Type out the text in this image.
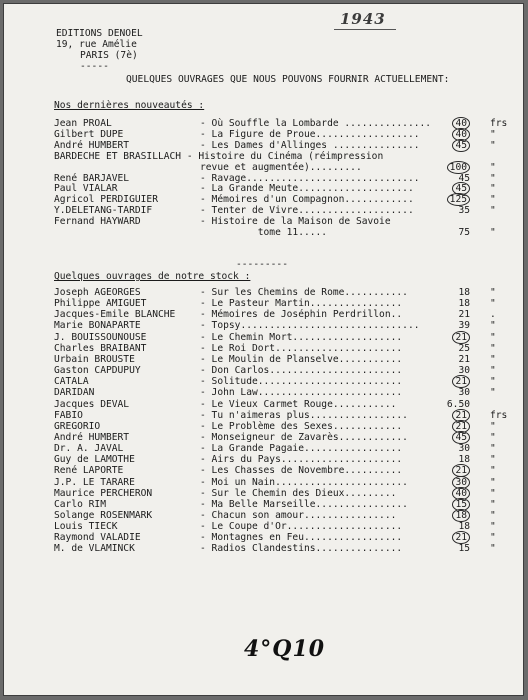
1943
EDITIONS DENOEL
19, rue Amélie
PARIS (7è)
-----
QUELQUES OUVRAGES QUE NOUS POUVONS FOURNIR ACTUELLEMENT:
Nos dernières nouveautés :
Jean PROAL	- Où Souffle la Lombarde ...............	40	frs
Gilbert DUPE	- La Figure de Proue..................	40	"
André HUMBERT	- Les Dames d'Allinges ...............	45	"
BARDECHE ET BRASILLACH - Histoire du Cinéma (réimpression
revue et augmentée).........	100	"
René BARJAVEL	- Ravage..............................	45 "
Paul VIALAR	- La Grande Meute....................	45	"
Agricol PERDIGUIER	- Mémoires d'un Compagnon............	125	"
Y.DELETANG-TARDIF	- Tenter de Vivre....................	35 "
Fernand HAYWARD	- Histoire de la Maison de Savoie
tome 11.....	75 "
---------
Quelques ouvrages de notre stock :
Joseph AGEORGES	- Sur les Chemins de Rome...........	18 "
Philippe AMIGUET	- Le Pasteur Martin................	18 "
Jacques-Emile BLANCHE	- Mémoires de Joséphin Perdrillon..	21 .
Marie BONAPARTE	- Topsy...............................	39 "
J. BOUISSOUNOUSE	- Le Chemin Mort...................	21	"
Charles BRAIBANT	- Le Roi Dort......................	25 "
Urbain BROUSTE	- Le Moulin de Planselve...........	21 "
Gaston CAPDUPUY	- Don Carlos.......................	30 "
CATALA	- Solitude.........................	21	"
DARIDAN	- John Law.........................	30 "
Jacques DEVAL	- Le Vieux Carmet Rouge...........	6.50
FABIO	- Tu n'aimeras plus.................	21	frs
GREGORIO	- Le Problème des Sexes............	21	"
André HUMBERT	- Monseigneur de Zavarès............	45	"
Dr. A. JAVAL	- La Grande Pagaie.................	30 "
Guy de LAMOTHE	- Airs du Pays.....................	18 "
René LAPORTE	- Les Chasses de Novembre..........	21	"
J.P. LE TARARE	- Moi un Nain.......................	30	"
Maurice PERCHERON	- Sur le Chemin des Dieux.........	40	"
Carlo RIM	- Ma Belle Marseille................	15	"
Solange ROSENMARK	- Chacun son amour................	18	"
Louis TIECK	- Le Coupe d'Or....................	18 "
Raymond VALADIE	- Montagnes en Feu.................	21	"
M. de VLAMINCK	- Radios Clandestins...............	15 "
4°Q10
